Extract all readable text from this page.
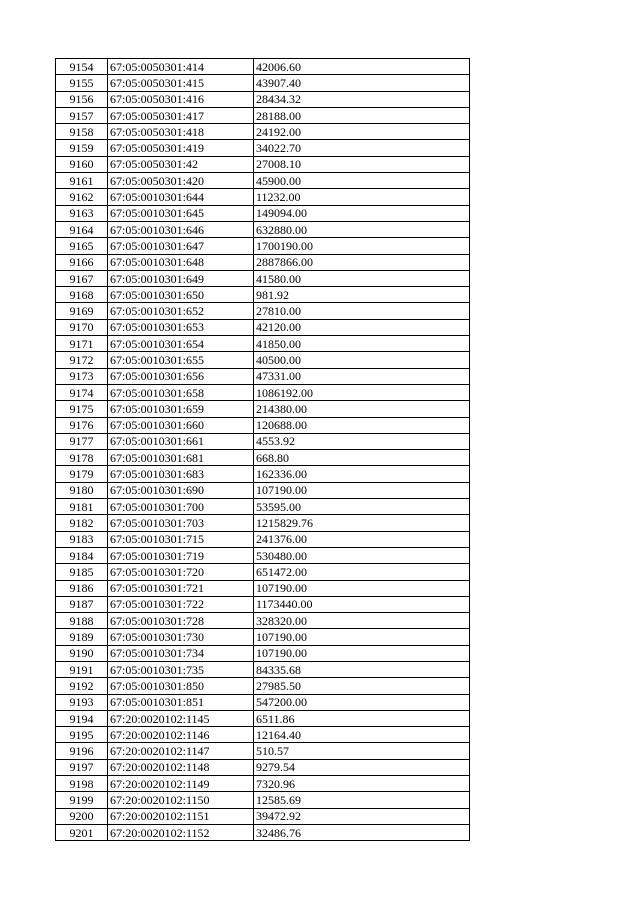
9154	67:05:0050301:414	42006.60
9155	67:05:0050301:415	43907.40
9156	67:05:0050301:416	28434.32
9157	67:05:0050301:417	28188.00
9158	67:05:0050301:418	24192.00
9159	67:05:0050301:419	34022.70
9160	67:05:0050301:42	27008.10
9161	67:05:0050301:420	45900.00
9162	67:05:0010301:644	11232.00
9163	67:05:0010301:645	149094.00
9164	67:05:0010301:646	632880.00
9165	67:05:0010301:647	1700190.00
9166	67:05:0010301:648	2887866.00
9167	67:05:0010301:649	41580.00
9168	67:05:0010301:650	981.92
9169	67:05:0010301:652	27810.00
9170	67:05:0010301:653	42120.00
9171	67:05:0010301:654	41850.00
9172	67:05:0010301:655	40500.00
9173	67:05:0010301:656	47331.00
9174	67:05:0010301:658	1086192.00
9175	67:05:0010301:659	214380.00
9176	67:05:0010301:660	120688.00
9177	67:05:0010301:661	4553.92
9178	67:05:0010301:681	668.80
9179	67:05:0010301:683	162336.00
9180	67:05:0010301:690	107190.00
9181	67:05:0010301:700	53595.00
9182	67:05:0010301:703	1215829.76
9183	67:05:0010301:715	241376.00
9184	67:05:0010301:719	530480.00
9185	67:05:0010301:720	651472.00
9186	67:05:0010301:721	107190.00
9187	67:05:0010301:722	1173440.00
9188	67:05:0010301:728	328320.00
9189	67:05:0010301:730	107190.00
9190	67:05:0010301:734	107190.00
9191	67:05:0010301:735	84335.68
9192	67:05:0010301:850	27985.50
9193	67:05:0010301:851	547200.00
9194	67:20:0020102:1145	6511.86
9195	67:20:0020102:1146	12164.40
9196	67:20:0020102:1147	510.57
9197	67:20:0020102:1148	9279.54
9198	67:20:0020102:1149	7320.96
9199	67:20:0020102:1150	12585.69
9200	67:20:0020102:1151	39472.92
9201	67:20:0020102:1152	32486.76
